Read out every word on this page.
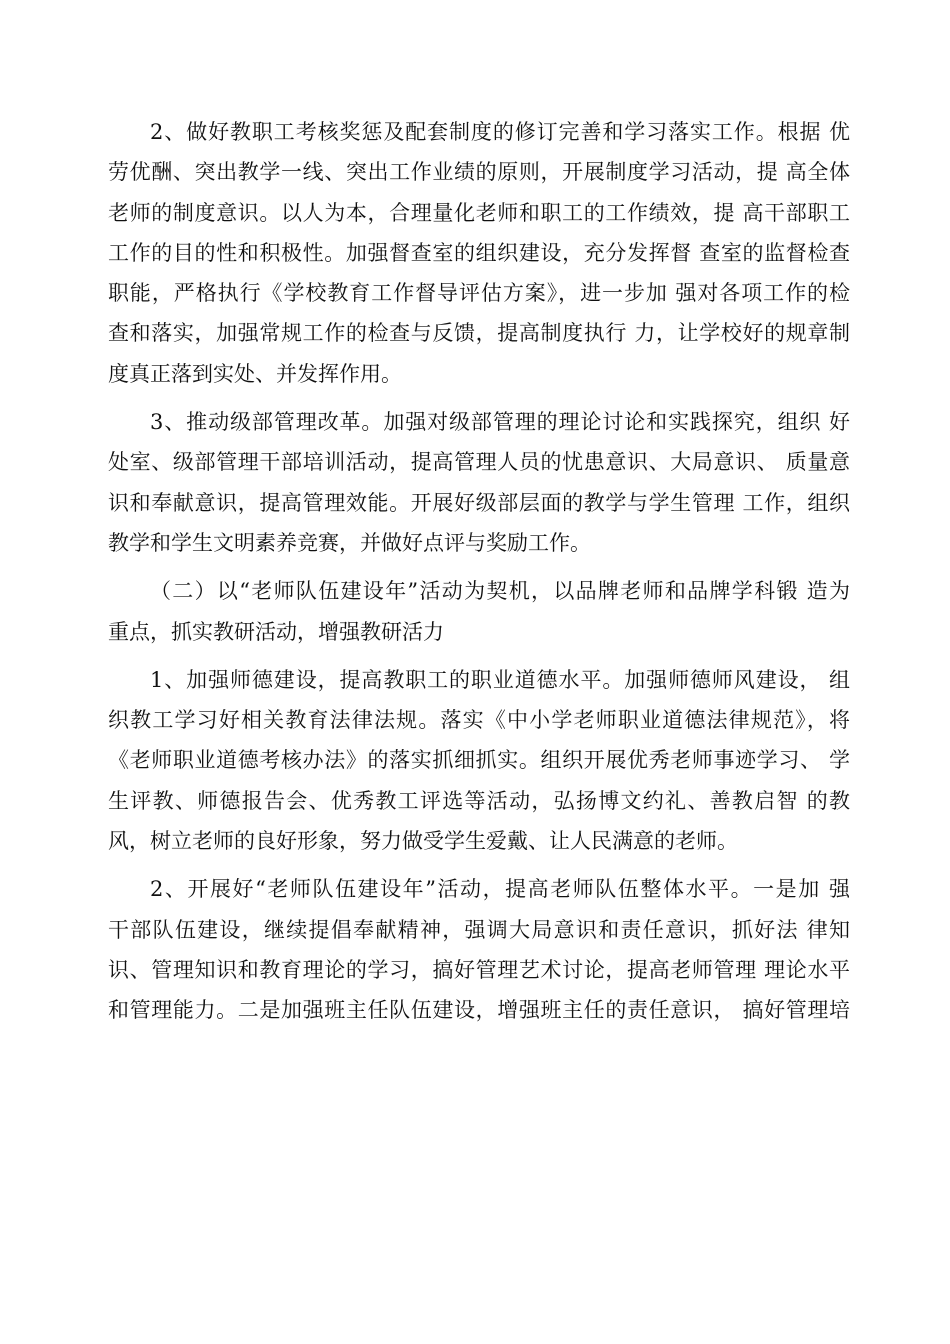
2、做好教职工考核奖惩及配套制度的修订完善和学习落实工作。根据 优
劳优酬、突出教学一线、突出工作业绩的原则，开展制度学习活动，提 高全体
老师的制度意识。以人为本，合理量化老师和职工的工作绩效，提 高干部职工
工作的目的性和积极性。加强督查室的组织建设，充分发挥督 查室的监督检查
职能，严格执行《学校教育工作督导评估方案》，进一步加 强对各项工作的检
查和落实，加强常规工作的检查与反馈，提高制度执行 力，让学校好的规章制
度真正落到实处、并发挥作用。
3、推动级部管理改革。加强对级部管理的理论讨论和实践探究，组织 好
处室、级部管理干部培训活动，提高管理人员的忧患意识、大局意识、 质量意
识和奉献意识，提高管理效能。开展好级部层面的教学与学生管理 工作，组织
教学和学生文明素养竞赛，并做好点评与奖励工作。
（二）以“老师队伍建设年”活动为契机，以品牌老师和品牌学科锻 造为
重点，抓实教研活动，增强教研活力
1、加强师德建设，提高教职工的职业道德水平。加强师德师风建设， 组
织教工学习好相关教育法律法规。落实《中小学老师职业道德法律规范》，将
《老师职业道德考核办法》的落实抓细抓实。组织开展优秀老师事迹学习、 学
生评教、师德报告会、优秀教工评选等活动，弘扬博文约礼、善教启智 的教
风，树立老师的良好形象，努力做受学生爱戴、让人民满意的老师。
2、开展好“老师队伍建设年”活动，提高老师队伍整体水平。一是加 强
干部队伍建设，继续提倡奉献精神，强调大局意识和责任意识，抓好法 律知
识、管理知识和教育理论的学习，搞好管理艺术讨论，提高老师管理 理论水平
和管理能力。二是加强班主任队伍建设，增强班主任的责任意识， 搞好管理培
